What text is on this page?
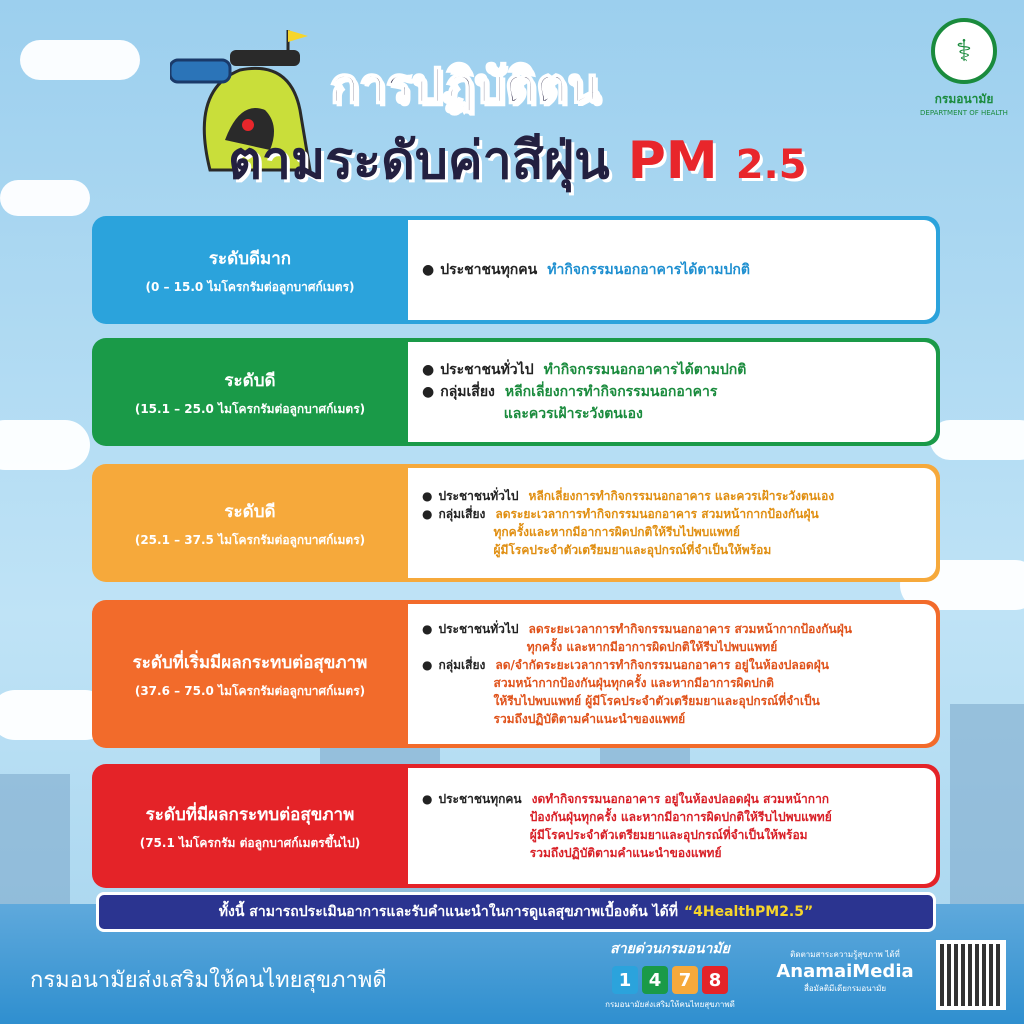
การปฏิบัติตน
ตามระดับค่าสีฝุ่น PM 2.5
⚕
กรมอนามัย
DEPARTMENT OF HEALTH
ระดับดีมาก
(0 – 15.0 ไมโครกรัมต่อลูกบาศก์เมตร)
● ประชาชนทุกคน ทำกิจกรรมนอกอาคารได้ตามปกติ
ระดับดี
(15.1 – 25.0 ไมโครกรัมต่อลูกบาศก์เมตร)
● ประชาชนทั่วไป ทำกิจกรรมนอกอาคารได้ตามปกติ
● กลุ่มเสี่ยง หลีกเลี่ยงการทำกิจกรรมนอกอาคาร
และควรเฝ้าระวังตนเอง
ระดับดี
(25.1 – 37.5 ไมโครกรัมต่อลูกบาศก์เมตร)
● ประชาชนทั่วไป หลีกเลี่ยงการทำกิจกรรมนอกอาคาร และควรเฝ้าระวังตนเอง
● กลุ่มเสี่ยง ลดระยะเวลาการทำกิจกรรมนอกอาคาร สวมหน้ากากป้องกันฝุ่น
ทุกครั้งและหากมีอาการผิดปกติให้รีบไปพบแพทย์
ผู้มีโรคประจำตัวเตรียมยาและอุปกรณ์ที่จำเป็นให้พร้อม
ระดับที่เริ่มมีผลกระทบต่อสุขภาพ
(37.6 – 75.0 ไมโครกรัมต่อลูกบาศก์เมตร)
● ประชาชนทั่วไป ลดระยะเวลาการทำกิจกรรมนอกอาคาร สวมหน้ากากป้องกันฝุ่น
ทุกครั้ง และหากมีอาการผิดปกติให้รีบไปพบแพทย์
● กลุ่มเสี่ยง ลด/จำกัดระยะเวลาการทำกิจกรรมนอกอาคาร อยู่ในห้องปลอดฝุ่น
สวมหน้ากากป้องกันฝุ่นทุกครั้ง และหากมีอาการผิดปกติ
ให้รีบไปพบแพทย์ ผู้มีโรคประจำตัวเตรียมยาและอุปกรณ์ที่จำเป็น
รวมถึงปฏิบัติตามคำแนะนำของแพทย์
ระดับที่มีผลกระทบต่อสุขภาพ
(75.1 ไมโครกรัม ต่อลูกบาศก์เมตรขึ้นไป)
● ประชาชนทุกคน งดทำกิจกรรมนอกอาคาร อยู่ในห้องปลอดฝุ่น สวมหน้ากาก
ป้องกันฝุ่นทุกครั้ง และหากมีอาการผิดปกติให้รีบไปพบแพทย์
ผู้มีโรคประจำตัวเตรียมยาและอุปกรณ์ที่จำเป็นให้พร้อม
รวมถึงปฏิบัติตามคำแนะนำของแพทย์
ทั้งนี้ สามารถประเมินอาการและรับคำแนะนำในการดูแลสุขภาพเบื้องต้น ได้ที่ “4HealthPM2.5”
กรมอนามัยส่งเสริมให้คนไทยสุขภาพดี
สายด่วนกรมอนามัย
1 4 7 8
กรมอนามัยส่งเสริมให้คนไทยสุขภาพดี
ติดตามสาระความรู้สุขภาพ ได้ที่
AnamaiMedia
สื่อมัลติมีเดียกรมอนามัย
